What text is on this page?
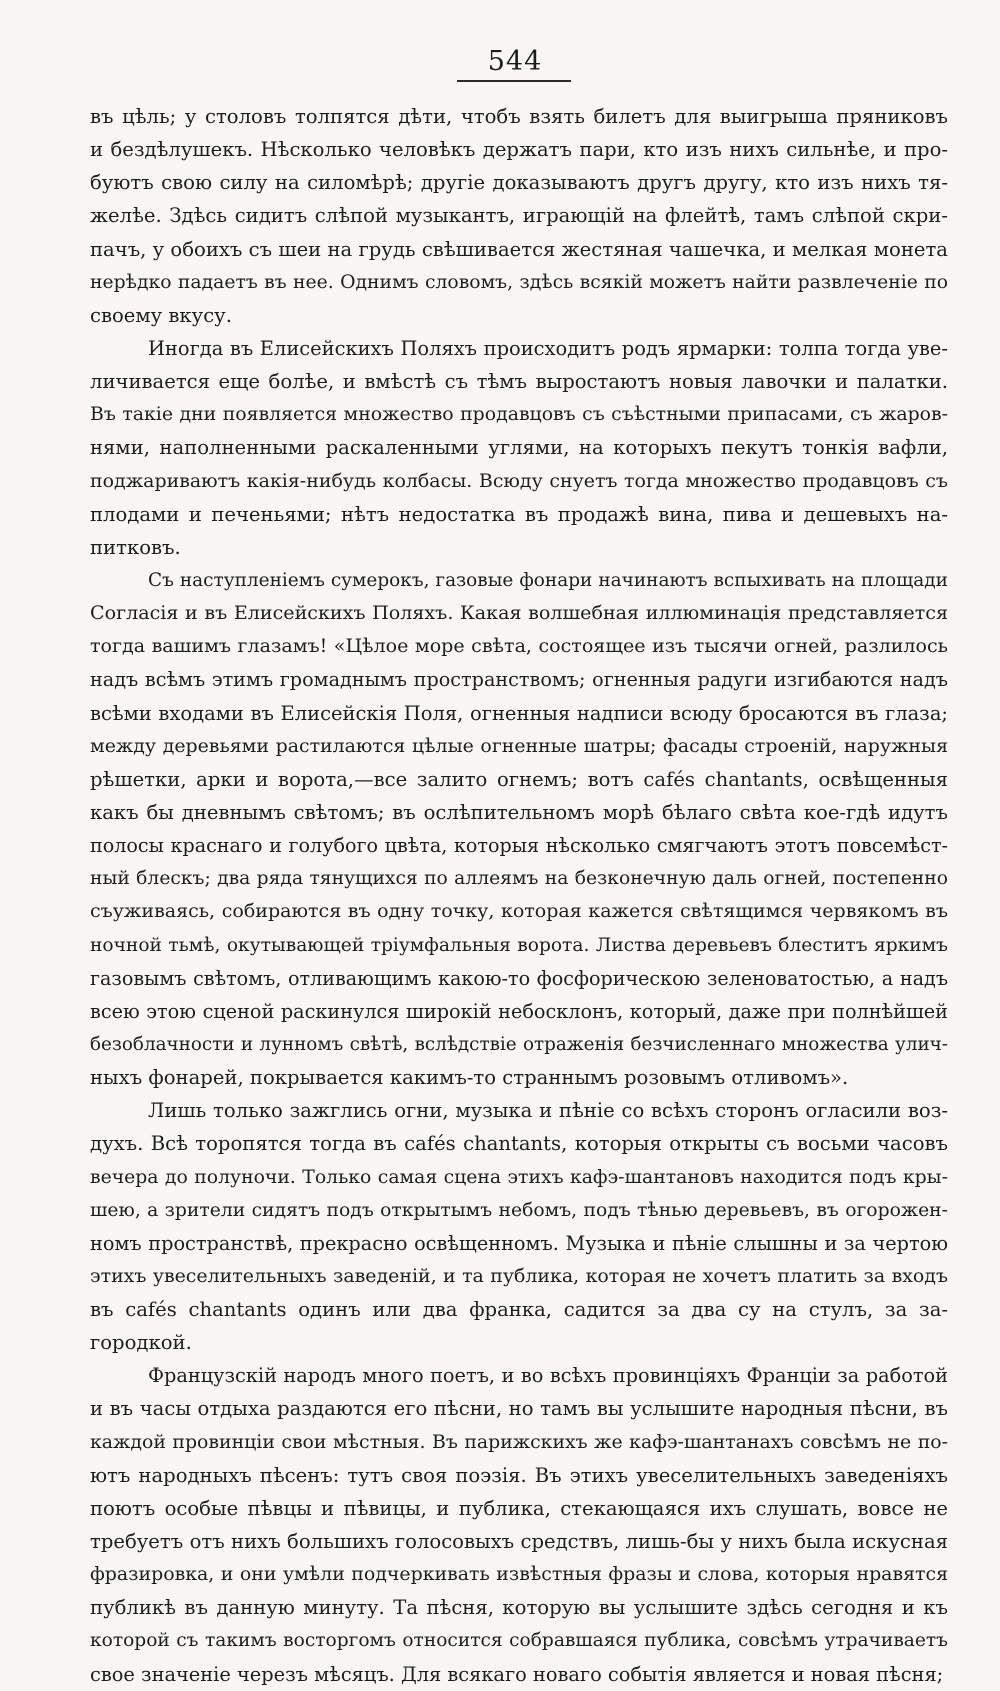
544
въ цѣль; у столовъ толпятся дѣти, чтобъ взять билетъ для выигрыша пряниковъ
и бездѣлушекъ. Нѣсколько человѣкъ держатъ пари, кто изъ нихъ сильнѣе, и про-
буютъ свою силу на силомѣрѣ; другіе доказываютъ другъ другу, кто изъ нихъ тя-
желѣе. Здѣсь сидитъ слѣпой музыкантъ, играющій на флейтѣ, тамъ слѣпой скри-
пачъ, у обоихъ съ шеи на грудь свѣшивается жестяная чашечка, и мелкая монета
нерѣдко падаетъ въ нее. Однимъ словомъ, здѣсь всякій можетъ найти развлеченіе по
своему вкусу.
Иногда въ Елисейскихъ Поляхъ происходитъ родъ ярмарки: толпа тогда уве-
личивается еще болѣе, и вмѣстѣ съ тѣмъ выростаютъ новыя лавочки и палатки.
Въ такіе дни появляется множество продавцовъ съ съѣстными припасами, съ жаров-
нями, наполненными раскаленными углями, на которыхъ пекутъ тонкія вафли,
поджариваютъ какія-нибудь колбасы. Всюду снуетъ тогда множество продавцовъ съ
плодами и печеньями; нѣтъ недостатка въ продажѣ вина, пива и дешевыхъ на-
питковъ.
Съ наступленіемъ сумерокъ, газовые фонари начинаютъ вспыхивать на площади
Согласія и въ Елисейскихъ Поляхъ. Какая волшебная иллюминація представляется
тогда вашимъ глазамъ! «Цѣлое море свѣта, состоящее изъ тысячи огней, разлилось
надъ всѣмъ этимъ громаднымъ пространствомъ; огненныя радуги изгибаются надъ
всѣми входами въ Елисейскія Поля, огненныя надписи всюду бросаются въ глаза;
между деревьями растилаются цѣлые огненные шатры; фасады строеній, наружныя
рѣшетки, арки и ворота,—все залито огнемъ; вотъ cafés chantants, освѣщенныя
какъ бы дневнымъ свѣтомъ; въ ослѣпительномъ морѣ бѣлаго свѣта кое-гдѣ идутъ
полосы краснаго и голубого цвѣта, которыя нѣсколько смягчаютъ этотъ повсемѣст-
ный блескъ; два ряда тянущихся по аллеямъ на безконечную даль огней, постепенно
съуживаясь, собираются въ одну точку, которая кажется свѣтящимся червякомъ въ
ночной тьмѣ, окутывающей тріумфальныя ворота. Листва деревьевъ блеститъ яркимъ
газовымъ свѣтомъ, отливающимъ какою-то фосфорическою зеленоватостью, а надъ
всею этою сценой раскинулся широкій небосклонъ, который, даже при полнѣйшей
безоблачности и лунномъ свѣтѣ, вслѣдствіе отраженія безчисленнаго множества улич-
ныхъ фонарей, покрывается какимъ-то страннымъ розовымъ отливомъ».
Лишь только зажглись огни, музыка и пѣніе со всѣхъ сторонъ огласили воз-
духъ. Всѣ торопятся тогда въ cafés chantants, которыя открыты съ восьми часовъ
вечера до полуночи. Только самая сцена этихъ кафэ-шантановъ находится подъ кры-
шею, а зрители сидятъ подъ открытымъ небомъ, подъ тѣнью деревьевъ, въ огорожен-
номъ пространствѣ, прекрасно освѣщенномъ. Музыка и пѣніе слышны и за чертою
этихъ увеселительныхъ заведеній, и та публика, которая не хочетъ платить за входъ
въ cafés chantants одинъ или два франка, садится за два су на стулъ, за за-
городкой.
Французскій народъ много поетъ, и во всѣхъ провинціяхъ Франціи за работой
и въ часы отдыха раздаются его пѣсни, но тамъ вы услышите народныя пѣсни, въ
каждой провинціи свои мѣстныя. Въ парижскихъ же кафэ-шантанахъ совсѣмъ не по-
ютъ народныхъ пѣсенъ: тутъ своя поэзія. Въ этихъ увеселительныхъ заведеніяхъ
поютъ особые пѣвцы и пѣвицы, и публика, стекающаяся ихъ слушать, вовсе не
требуетъ отъ нихъ большихъ голосовыхъ средствъ, лишь-бы у нихъ была искусная
фразировка, и они умѣли подчеркивать извѣстныя фразы и слова, которыя нравятся
публикѣ въ данную минуту. Та пѣсня, которую вы услышите здѣсь сегодня и къ
которой съ такимъ восторгомъ относится собравшаяся публика, совсѣмъ утрачиваетъ
свое значеніе черезъ мѣсяцъ. Для всякаго новаго событія является и новая пѣсня;
